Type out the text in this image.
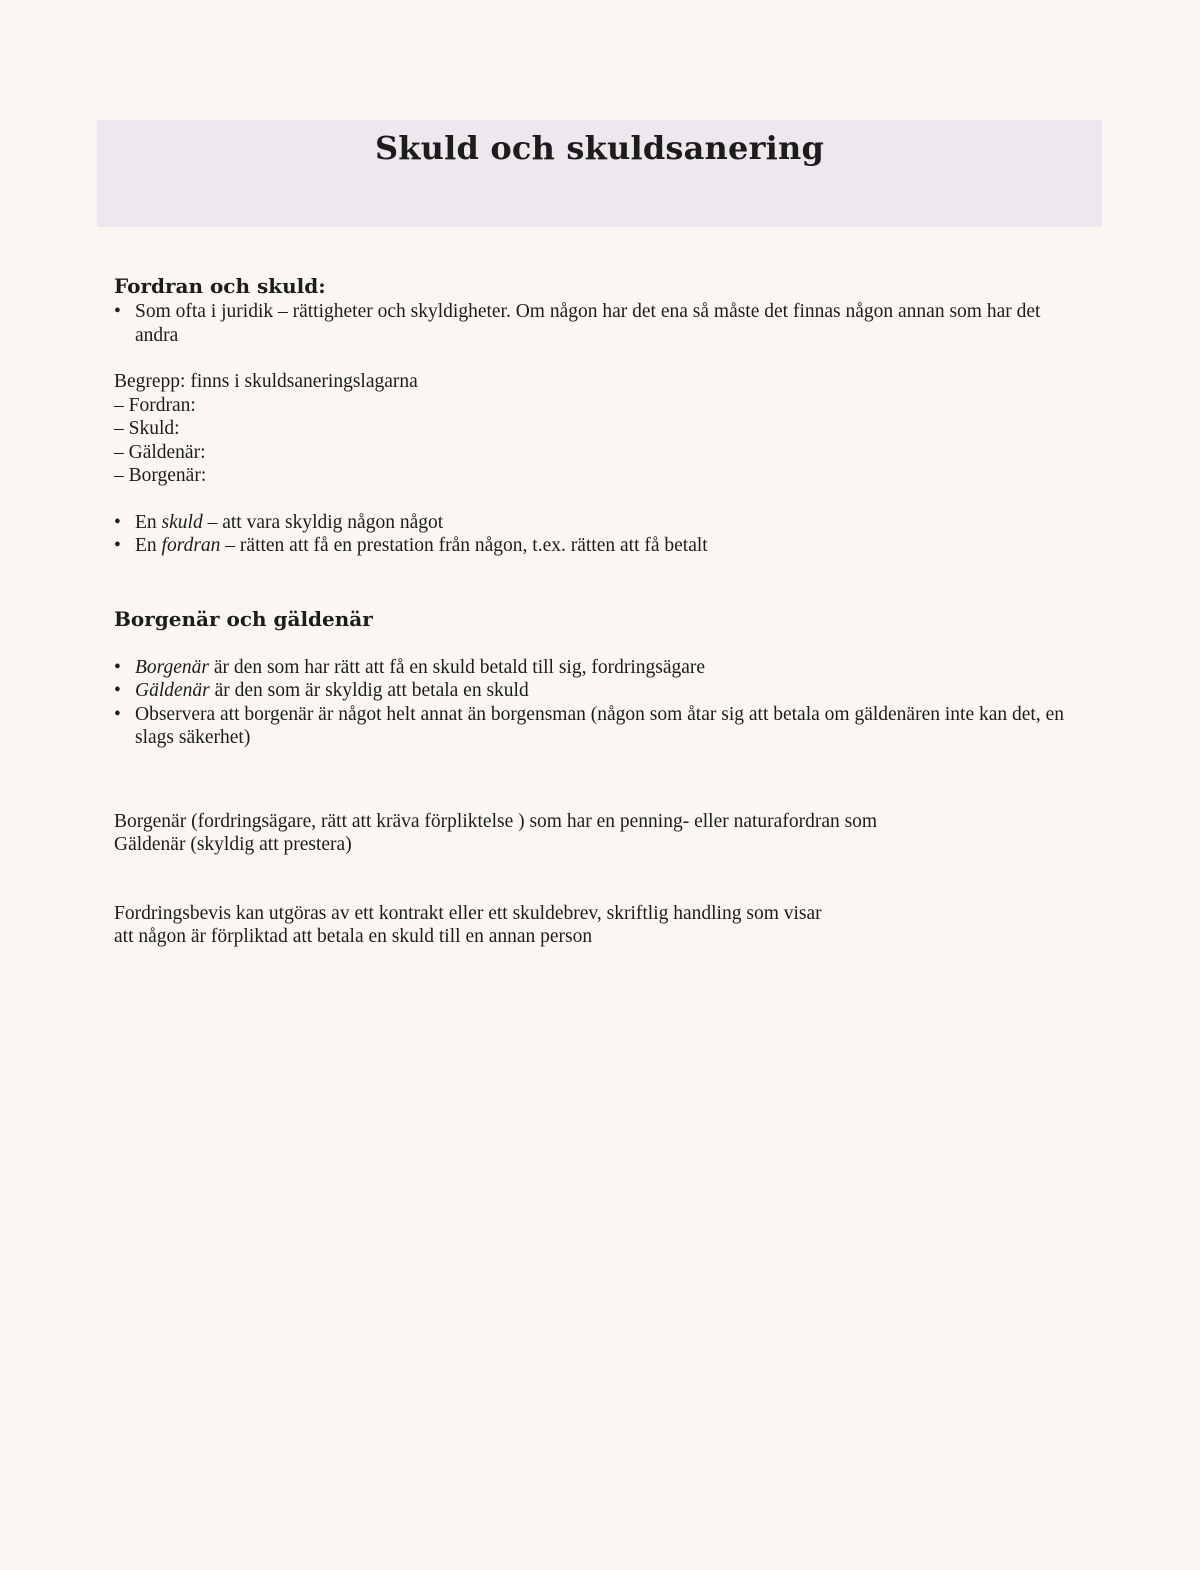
Skuld och skuldsanering
Fordran och skuld:
• Som ofta i juridik – rättigheter och skyldigheter. Om någon har det ena så måste det finnas någon annan som har det andra
Begrepp: finns i skuldsaneringslagarna
– Fordran:
– Skuld:
– Gäldenär:
– Borgenär:
• En skuld – att vara skyldig någon något
• En fordran – rätten att få en prestation från någon, t.ex. rätten att få betalt
Borgenär och gäldenär
• Borgenär är den som har rätt att få en skuld betald till sig, fordringsägare
• Gäldenär är den som är skyldig att betala en skuld
• Observera att borgenär är något helt annat än borgensman (någon som åtar sig att betala om gäldenären inte kan det, en slags säkerhet)
Borgenär (fordringsägare, rätt att kräva förpliktelse ) som har en penning- eller naturafordran som
Gäldenär (skyldig att prestera)
Fordringsbevis kan utgöras av ett kontrakt eller ett skuldebrev, skriftlig handling som visar
att någon är förpliktad att betala en skuld till en annan person
